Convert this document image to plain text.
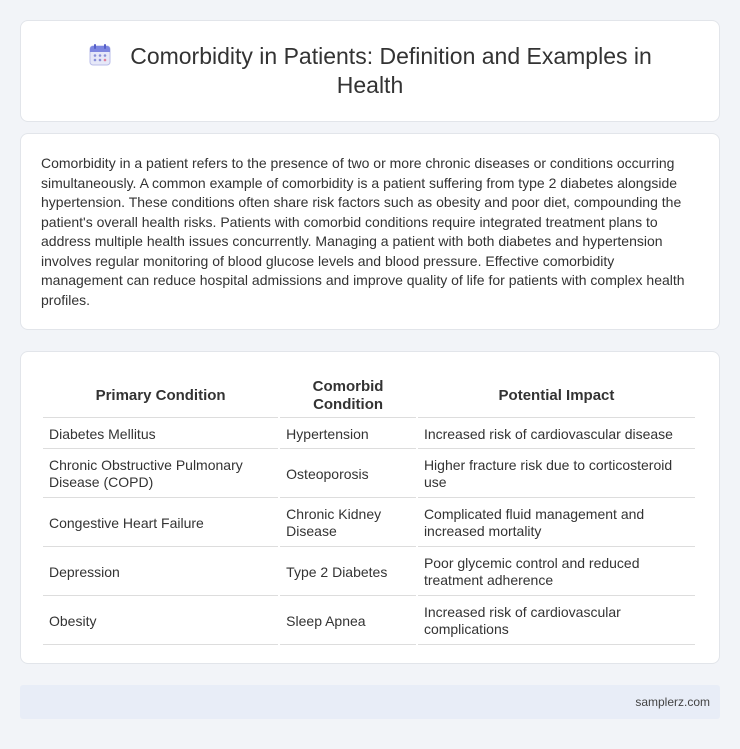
Comorbidity in Patients: Definition and Examples in Health

Comorbidity in a patient refers to the presence of two or more chronic diseases or conditions occurring simultaneously. A common example of comorbidity is a patient suffering from type 2 diabetes alongside hypertension. These conditions often share risk factors such as obesity and poor diet, compounding the patient's overall health risks. Patients with comorbid conditions require integrated treatment plans to address multiple health issues concurrently. Managing a patient with both diabetes and hypertension involves regular monitoring of blood glucose levels and blood pressure. Effective comorbidity management can reduce hospital admissions and improve quality of life for patients with complex health profiles.

Primary Condition	Comorbid Condition	Potential Impact
Diabetes Mellitus	Hypertension	Increased risk of cardiovascular disease
Chronic Obstructive Pulmonary Disease (COPD)	Osteoporosis	Higher fracture risk due to corticosteroid use
Congestive Heart Failure	Chronic Kidney Disease	Complicated fluid management and increased mortality
Depression	Type 2 Diabetes	Poor glycemic control and reduced treatment adherence
Obesity	Sleep Apnea	Increased risk of cardiovascular complications
samplerz.com
